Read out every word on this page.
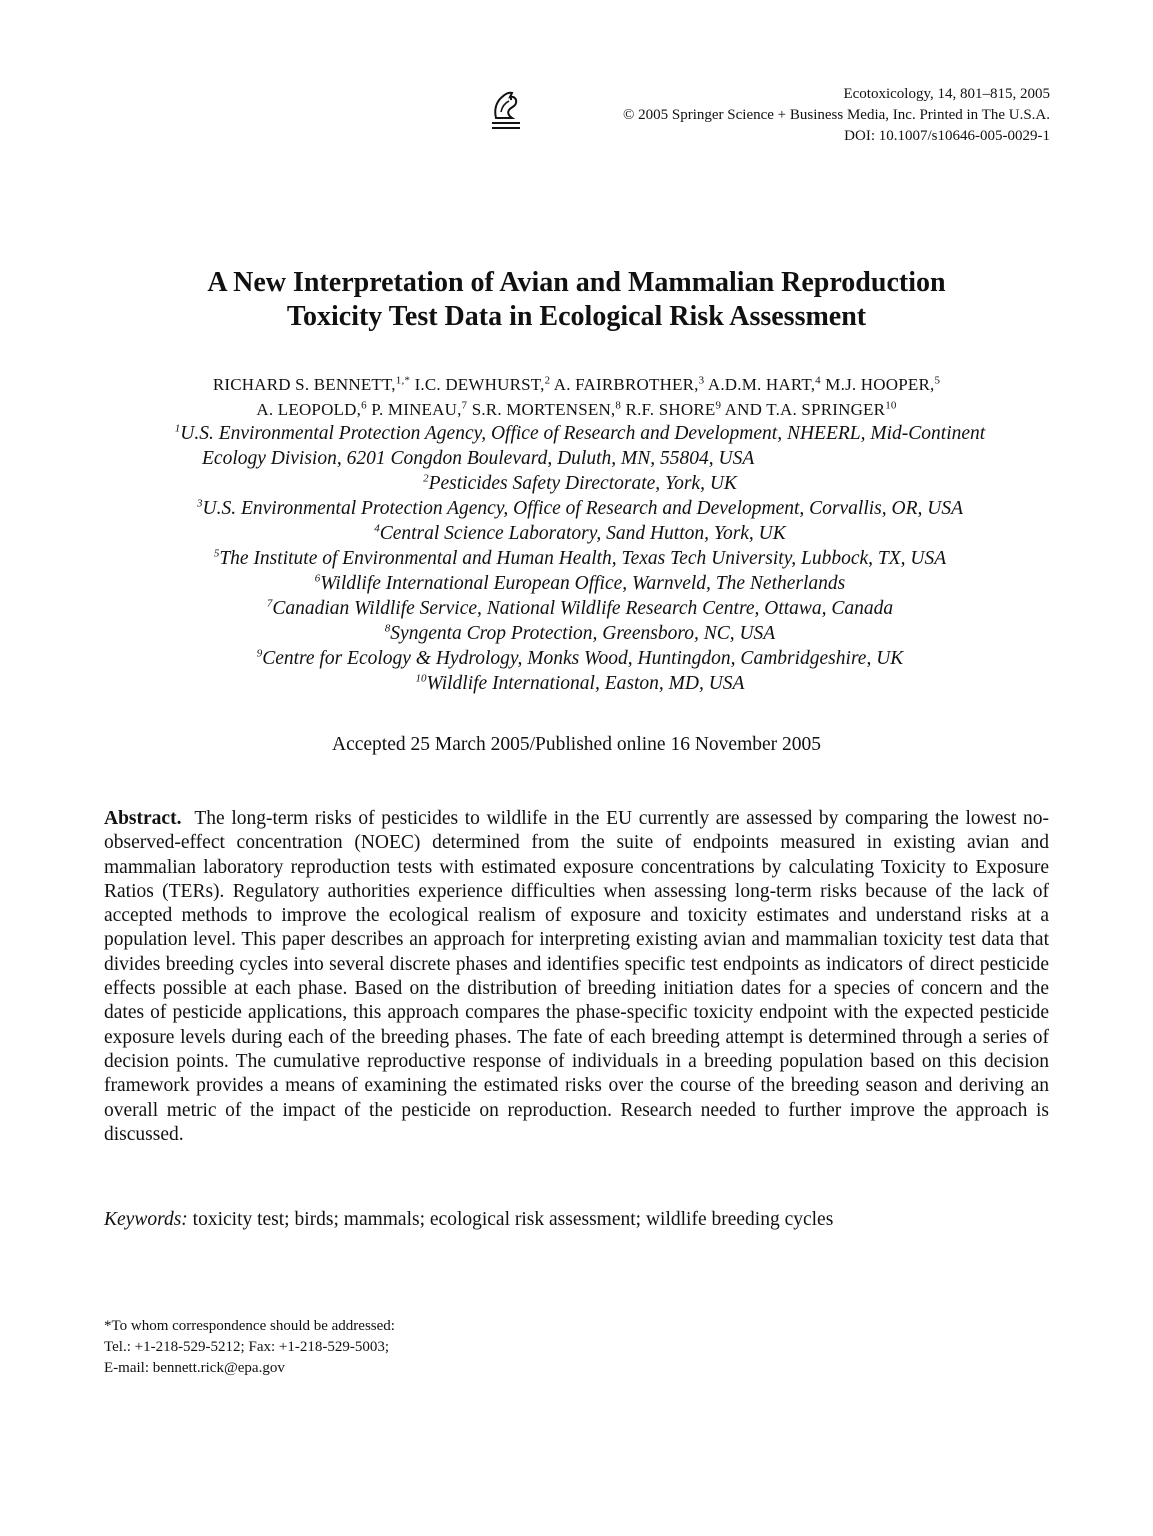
Ecotoxicology, 14, 801–815, 2005
© 2005 Springer Science + Business Media, Inc. Printed in The U.S.A.
DOI: 10.1007/s10646-005-0029-1
A New Interpretation of Avian and Mammalian Reproduction
Toxicity Test Data in Ecological Risk Assessment
RICHARD S. BENNETT,$^{1,*}$ I.C. DEWHURST,$^2$ A. FAIRBROTHER,$^3$ A.D.M. HART,$^4$ M.J. HOOPER,$^5$
A. LEOPOLD,$^6$ P. MINEAU,$^7$ S.R. MORTENSEN,$^8$ R.F. SHORE$^9$ AND T.A. SPRINGER$^{10}$
$^1$U.S. Environmental Protection Agency, Office of Research and Development, NHEERL, Mid-Continent
Ecology Division, 6201 Congdon Boulevard, Duluth, MN, 55804, USA
$^2$Pesticides Safety Directorate, York, UK
$^3$U.S. Environmental Protection Agency, Office of Research and Development, Corvallis, OR, USA
$^4$Central Science Laboratory, Sand Hutton, York, UK
$^5$The Institute of Environmental and Human Health, Texas Tech University, Lubbock, TX, USA
$^6$Wildlife International European Office, Warnveld, The Netherlands
$^7$Canadian Wildlife Service, National Wildlife Research Centre, Ottawa, Canada
$^8$Syngenta Crop Protection, Greensboro, NC, USA
$^9$Centre for Ecology & Hydrology, Monks Wood, Huntingdon, Cambridgeshire, UK
$^{10}$Wildlife International, Easton, MD, USA
Accepted 25 March 2005/Published online 16 November 2005
Abstract. The long-term risks of pesticides to wildlife in the EU currently are assessed by comparing the lowest no-observed-effect concentration (NOEC) determined from the suite of endpoints measured in existing avian and mammalian laboratory reproduction tests with estimated exposure concentrations by calculating Toxicity to Exposure Ratios (TERs). Regulatory authorities experience difficulties when assessing long-term risks because of the lack of accepted methods to improve the ecological realism of exposure and toxicity estimates and understand risks at a population level. This paper describes an approach for interpreting existing avian and mammalian toxicity test data that divides breeding cycles into several discrete phases and identifies specific test endpoints as indicators of direct pesticide effects possible at each phase. Based on the distribution of breeding initiation dates for a species of concern and the dates of pesticide applications, this approach compares the phase-specific toxicity endpoint with the expected pesticide exposure levels during each of the breeding phases. The fate of each breeding attempt is determined through a series of decision points. The cumulative reproductive response of individuals in a breeding population based on this decision framework provides a means of examining the estimated risks over the course of the breeding season and deriving an overall metric of the impact of the pesticide on reproduction. Research needed to further improve the approach is discussed.
Keywords: toxicity test; birds; mammals; ecological risk assessment; wildlife breeding cycles
*To whom correspondence should be addressed:
Tel.: +1-218-529-5212; Fax: +1-218-529-5003;
E-mail: bennett.rick@epa.gov
